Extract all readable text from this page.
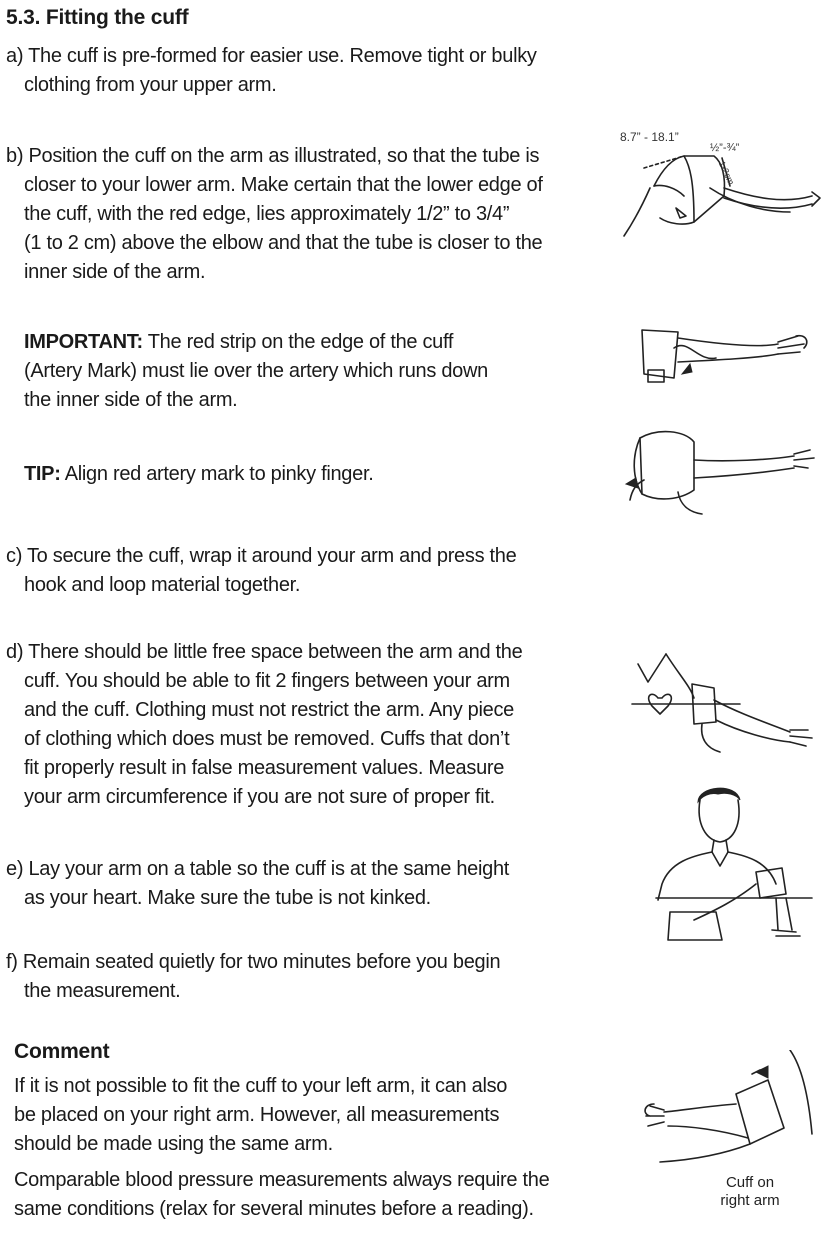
5.3. Fitting the cuff
a) The cuff is pre-formed for easier use. Remove tight or bulky
clothing from your upper arm.
b) Position the cuff on the arm as illustrated, so that the tube is
closer to your lower arm. Make certain that the lower edge of
the cuff, with the red edge, lies approximately 1/2” to 3/4”
(1 to 2 cm) above the elbow and that the tube is closer to the
inner side of the arm.
IMPORTANT: The red strip on the edge of the cuff
(Artery Mark) must lie over the artery which runs down
the inner side of the arm.
TIP: Align red artery mark to pinky finger.
c) To secure the cuff, wrap it around your arm and press the
hook and loop material together.
d) There should be little free space between the arm and the
cuff. You should be able to fit 2 fingers between your arm
and the cuff. Clothing must not restrict the arm. Any piece
of clothing which does must be removed. Cuffs that don’t
fit properly result in false measurement values. Measure
your arm circumference if you are not sure of proper fit.
e) Lay your arm on a table so the cuff is at the same height
as your heart. Make sure the tube is not kinked.
f) Remain seated quietly for two minutes before you begin
the measurement.
Comment
If it is not possible to fit the cuff to your left arm, it can also
be placed on your right arm. However, all measurements
should be made using the same arm.
Comparable blood pressure measurements always require the
same conditions (relax for several minutes before a reading).
8.7” - 18.1”
½”-¾”
1-2cm
Cuff on
right arm
